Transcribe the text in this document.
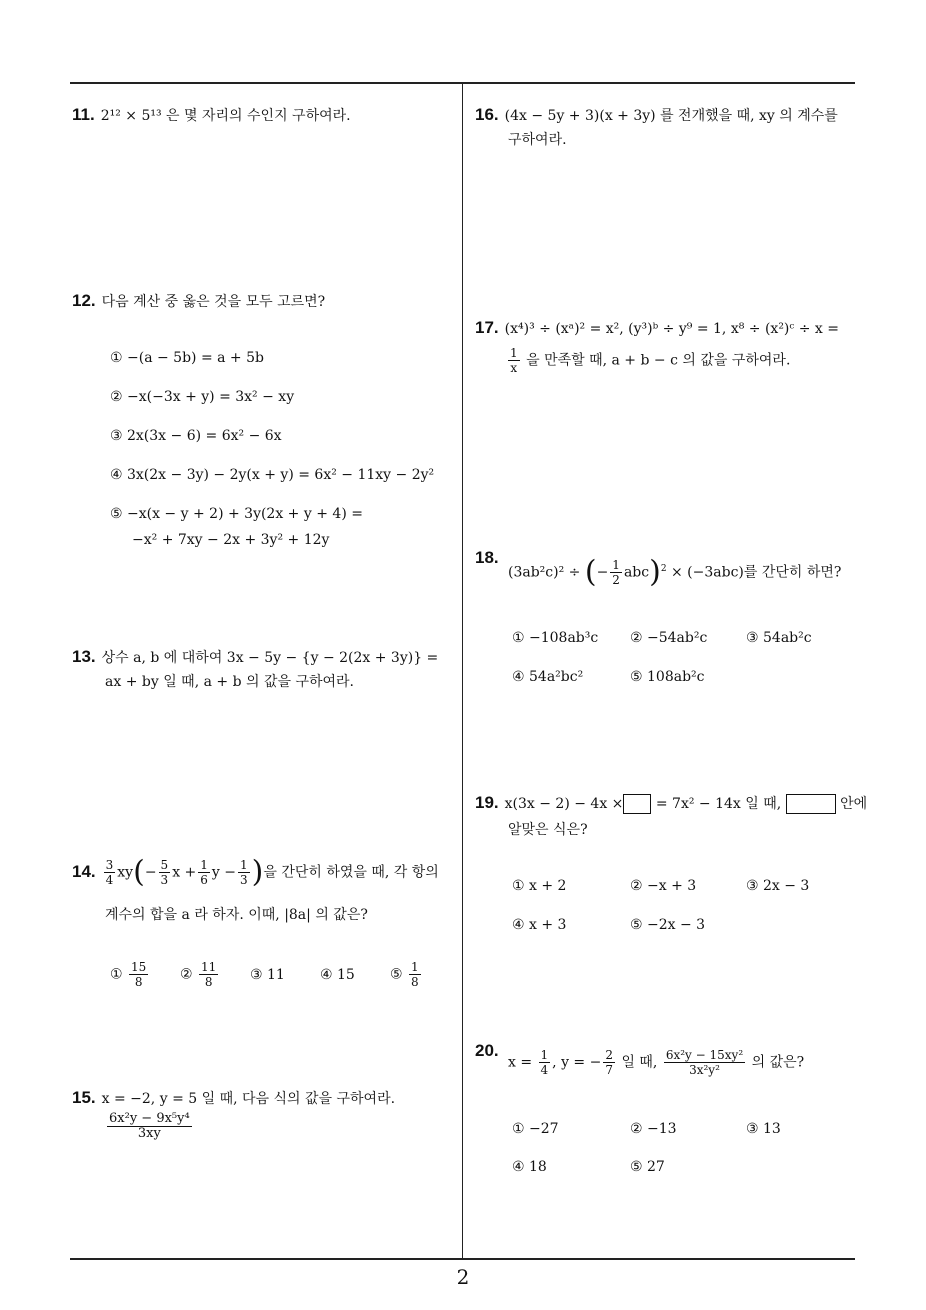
11. 2¹² × 5¹³ 은 몇 자리의 수인지 구하여라.
12. 다음 계산 중 옳은 것을 모두 고르면?
① −(a − 5b) = a + 5b
② −x(−3x + y) = 3x² − xy
③ 2x(3x − 6) = 6x² − 6x
④ 3x(2x − 3y) − 2y(x + y) = 6x² − 11xy − 2y²
⑤ −x(x − y + 2) + 3y(2x + y + 4) =
−x² + 7xy − 2x + 3y² + 12y
13. 상수 a, b 에 대하여 3x − 5y − {y − 2(2x + 3y)} =
ax + by 일 때, a + b 의 값을 구하여라.
14. $\frac{3}{4} xy(- \frac{5}{3}$ $x + \frac{1}{6}$ $y - \frac{1}{3}$ )을 간단히 하였을 때, 각 항의
계수의 합을 a 라 하자. 이때, |8a| 의 값은?
① $\frac{15}{8}$ ② $\frac{11}{8}$ ③ 11	④ 15	⑤ $\frac{1}{8}$
15. x = −2, y = 5 일 때, 다음 식의 값을 구하여라.
$\frac{\text{6x²y − 9x⁵y⁴}}{3xy}$
16. (4x − 5y + 3)(x + 3y) 를 전개했을 때, xy 의 계수를
구하여라.
17. (x⁴)³ ÷ (xᵃ)² = x², (y³)ᵇ ÷ y⁹ = 1, x⁸ ÷ (x²)ᶜ ÷ x =
$\frac{1}{x}$ 을 만족할 때, a + b − c 의 값을 구하여라.
18.
(3ab²c)² ÷ (− $\frac{1}{2} abc)^2 \times (-3abc)$를 간단히 하면?
① −108ab³c ② −54ab²c	③ 54ab²c
④ 54a²bc²	⑤ 108ab²c
19. x(3x − 2) − 4x × = 7x² − 14x 일 때,	안에
알맞은 식은?
① x + 2	② −x + 3	③ 2x − 3
④ x + 3	⑤ −2x − 3
20.
$x = \frac{1}{4}$ , y = − $\frac{2}{7}$ 일 때, $\frac{\text{6x²y − 15xy²}}{\text{3x²y²}}$ 의 값은?
① −27	② −13	③ 13
④ 18	⑤ 27
2
